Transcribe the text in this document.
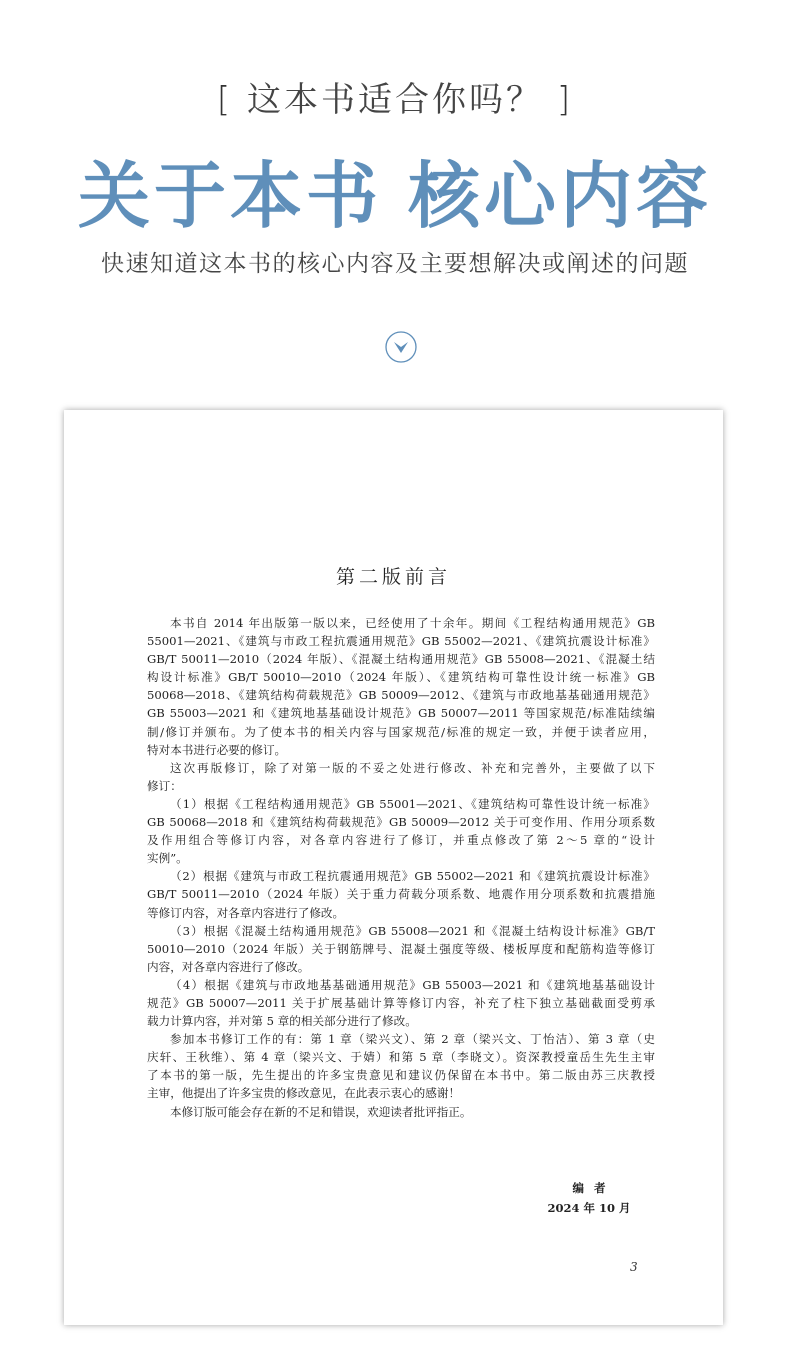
[ 这本书适合你吗？ ]
关于本书 核心内容
快速知道这本书的核心内容及主要想解决或阐述的问题
第二版前言
本书自 2014 年出版第一版以来，已经使用了十余年。期间《工程结构通用规范》GB
55001—2021、《建筑与市政工程抗震通用规范》GB 55002—2021、《建筑抗震设计标准》
GB/T 50011—2010（2024 年版）、《混凝土结构通用规范》GB 55008—2021、《混凝土结
构设计标准》GB/T 50010—2010（2024 年版）、《建筑结构可靠性设计统一标准》GB
50068—2018、《建筑结构荷载规范》GB 50009—2012、《建筑与市政地基基础通用规范》
GB 55003—2021 和《建筑地基基础设计规范》GB 50007—2011 等国家规范/标准陆续编
制/修订并颁布。为了使本书的相关内容与国家规范/标准的规定一致，并便于读者应用，
特对本书进行必要的修订。
这次再版修订，除了对第一版的不妥之处进行修改、补充和完善外，主要做了以下
修订：
（1）根据《工程结构通用规范》GB 55001—2021、《建筑结构可靠性设计统一标准》
GB 50068—2018 和《建筑结构荷载规范》GB 50009—2012 关于可变作用、作用分项系数
及作用组合等修订内容，对各章内容进行了修订，并重点修改了第 2～5 章的“设计
实例”。
（2）根据《建筑与市政工程抗震通用规范》GB 55002—2021 和《建筑抗震设计标准》
GB/T 50011—2010（2024 年版）关于重力荷载分项系数、地震作用分项系数和抗震措施
等修订内容，对各章内容进行了修改。
（3）根据《混凝土结构通用规范》GB 55008—2021 和《混凝土结构设计标准》GB/T
50010—2010（2024 年版）关于钢筋牌号、混凝土强度等级、楼板厚度和配筋构造等修订
内容，对各章内容进行了修改。
（4）根据《建筑与市政地基基础通用规范》GB 55003—2021 和《建筑地基基础设计
规范》GB 50007—2011 关于扩展基础计算等修订内容，补充了柱下独立基础截面受剪承
载力计算内容，并对第 5 章的相关部分进行了修改。
参加本书修订工作的有：第 1 章（梁兴文）、第 2 章（梁兴文、丁怡洁）、第 3 章（史
庆轩、王秋维）、第 4 章（梁兴文、于婧）和第 5 章（李晓文）。资深教授童岳生先生主审
了本书的第一版，先生提出的许多宝贵意见和建议仍保留在本书中。第二版由苏三庆教授
主审，他提出了许多宝贵的修改意见，在此表示衷心的感谢！
本修订版可能会存在新的不足和错误，欢迎读者批评指正。
编者
2024 年 10 月
3
